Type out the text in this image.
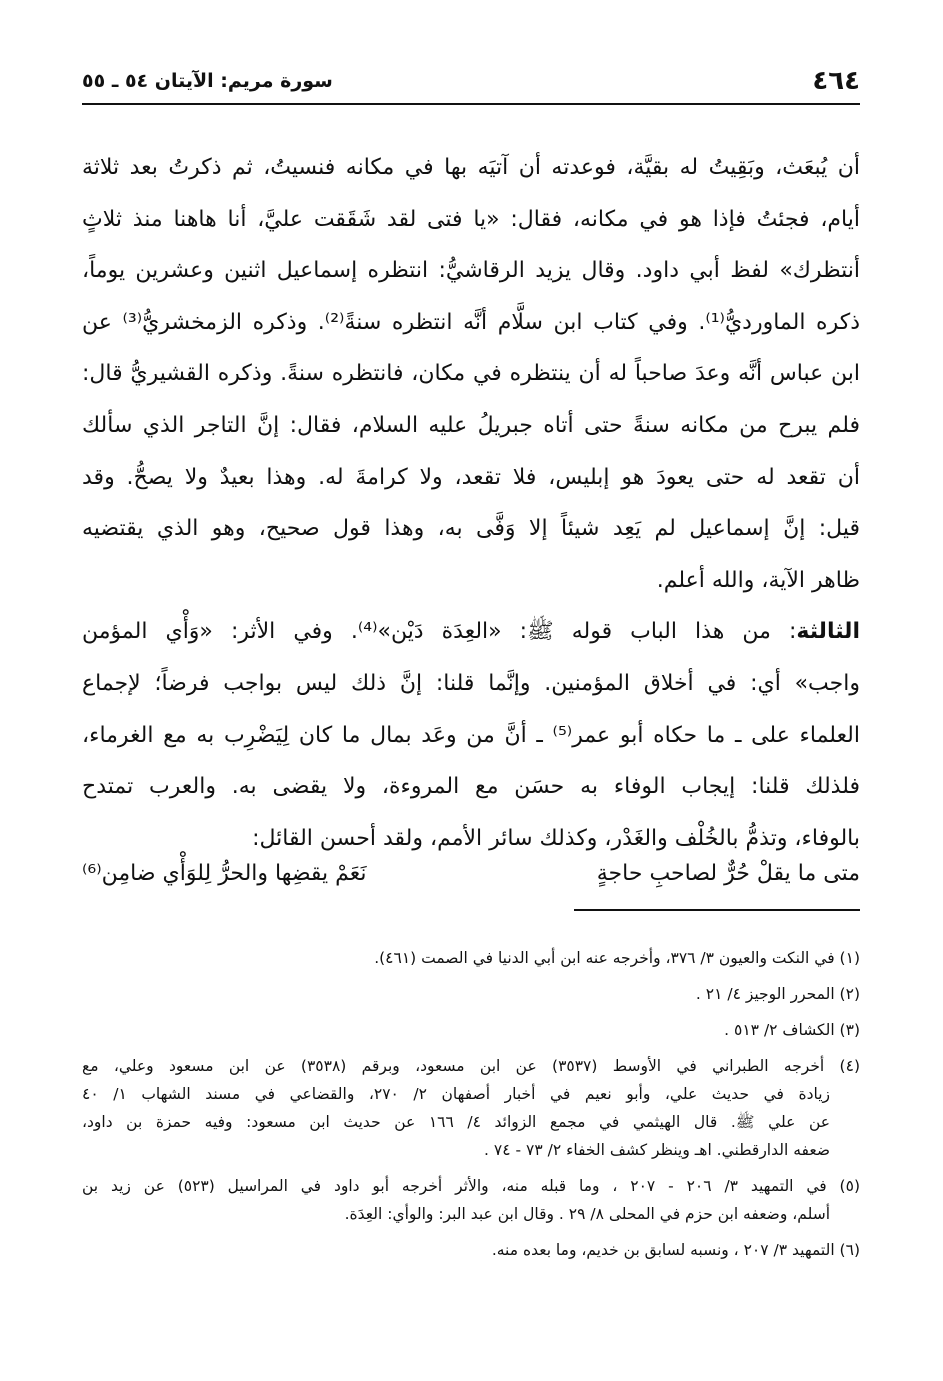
٤٦٤
سورة مريم: الآيتان ٥٤ ـ ٥٥

أن يُبعَث، وبَقِيتُ له بقيَّة، فوعدته أن آتيَه بها في مكانه فنسيتُ، ثم ذكرتُ بعد ثلاثة

أيام، فجئتُ فإذا هو في مكانه، فقال: «يا فتى لقد شَقَقت عليَّ، أنا هاهنا منذ ثلاثٍ

أنتظرك» لفظ أبي داود. وقال يزيد الرقاشيُّ: انتظره إسماعيل اثنين وعشرين يوماً،

ذكره الماورديُّ⁽¹⁾. وفي كتاب ابن سلَّام أنَّه انتظره سنةً⁽²⁾. وذكره الزمخشريُّ⁽³⁾ عن

ابن عباس أنَّه وعدَ صاحباً له أن ينتظره في مكان، فانتظره سنةً. وذكره القشيريُّ قال:

فلم يبرح من مكانه سنةً حتى أتاه جبريلُ عليه السلام، فقال: إنَّ التاجر الذي سألك

أن تقعد له حتى يعودَ هو إبليس، فلا تقعد، ولا كرامةَ له. وهذا بعيدٌ ولا يصحُّ. وقد

قيل: إنَّ إسماعيل لم يَعِد شيئاً إلا وَفَّى به، وهذا قول صحيح، وهو الذي يقتضيه

ظاهر الآية، والله أعلم.

الثالثة: من هذا الباب قوله ﷺ: «العِدَة دَيْن»⁽⁴⁾. وفي الأثر: «وَأْي المؤمن

واجب» أي: في أخلاق المؤمنين. وإنَّما قلنا: إنَّ ذلك ليس بواجب فرضاً؛ لإجماع

العلماء على ـ ما حكاه أبو عمر⁽⁵⁾ ـ أنَّ من وعَد بمال ما كان لِيَضْرِب به مع الغرماء،

فلذلك قلنا: إيجاب الوفاء به حسَن مع المروءة، ولا يقضى به. والعرب تمتدح

بالوفاء، وتذمُّ بالخُلْف والغَدْر، وكذلك سائر الأمم، ولقد أحسن القائل:

متى ما يقلْ حُرٌّ لصاحبِ حاجةٍ
نَعَمْ يقضِها والحرُّ لِلوَأْي ضامِن⁽⁶⁾
(١) في النكت والعيون ٣/ ٣٧٦، وأخرجه عنه ابن أبي الدنيا في الصمت (٤٦١).
(٢) المحرر الوجيز ٤/ ٢١ .
(٣) الكشاف ٢/ ٥١٣ .
(٤) أخرجه الطبراني في الأوسط (٣٥٣٧) عن ابن مسعود، وبرقم (٣٥٣٨) عن ابن مسعود وعلي، مع
زيادة في حديث علي، وأبو نعيم في أخبار أصفهان ٢/ ٢٧٠، والقضاعي في مسند الشهاب ١/ ٤٠
عن علي ﷺ. قال الهيثمي في مجمع الزوائد ٤/ ١٦٦ عن حديث ابن مسعود: وفيه حمزة بن داود،
ضعفه الدارقطني. اهـ وينظر كشف الخفاء ٢/ ٧٣ - ٧٤ .
(٥) في التمهيد ٣/ ٢٠٦ - ٢٠٧ ، وما قبله منه، والأثر أخرجه أبو داود في المراسيل (٥٢٣) عن زيد بن
أسلم، وضعفه ابن حزم في المحلى ٨/ ٢٩ . وقال ابن عبد البر: والوأي: العِدَة.
(٦) التمهيد ٣/ ٢٠٧ ، ونسبه لسابق بن خديم، وما بعده منه.
